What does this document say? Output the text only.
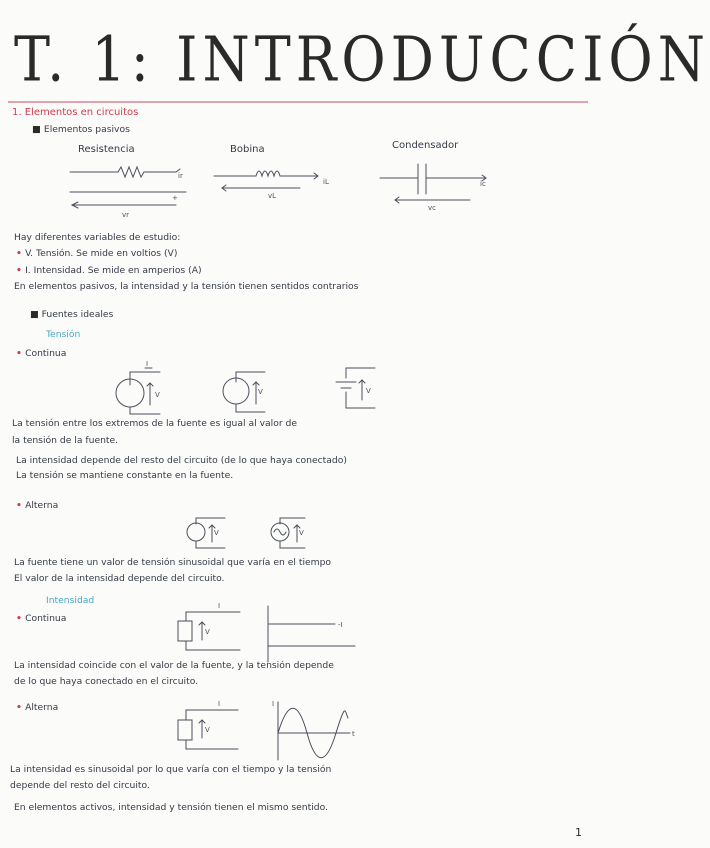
T. 1: INTRODUCCIÓN
1. Elementos en circuitos
■ Elementos pasivos
Resistencia	Bobina	Condensador
Hay diferentes variables de estudio:
• V. Tensión. Se mide en voltios (V)
• I. Intensidad. Se mide en amperios (A)
En elementos pasivos, la intensidad y la tensión tienen sentidos contrarios
■ Fuentes ideales
Tensión
• Continua
La tensión entre los extremos de la fuente es igual al valor de
la tensión de la fuente.
La intensidad depende del resto del circuito (de lo que haya conectado)
La tensión se mantiene constante en la fuente.
• Alterna
La fuente tiene un valor de tensión sinusoidal que varía en el tiempo
El valor de la intensidad depende del circuito.
Intensidad
• Continua
La intensidad coincide con el valor de la fuente, y la tensión depende
de lo que haya conectado en el circuito.
• Alterna
La intensidad es sinusoidal por lo que varía con el tiempo y la tensión
depende del resto del circuito.
En elementos activos, intensidad y tensión tienen el mismo sentido.
1
ir
+
vr
iL
vL
ic
vc
I
V	V	V
V	V
I
V
-I
I
V
I
t
